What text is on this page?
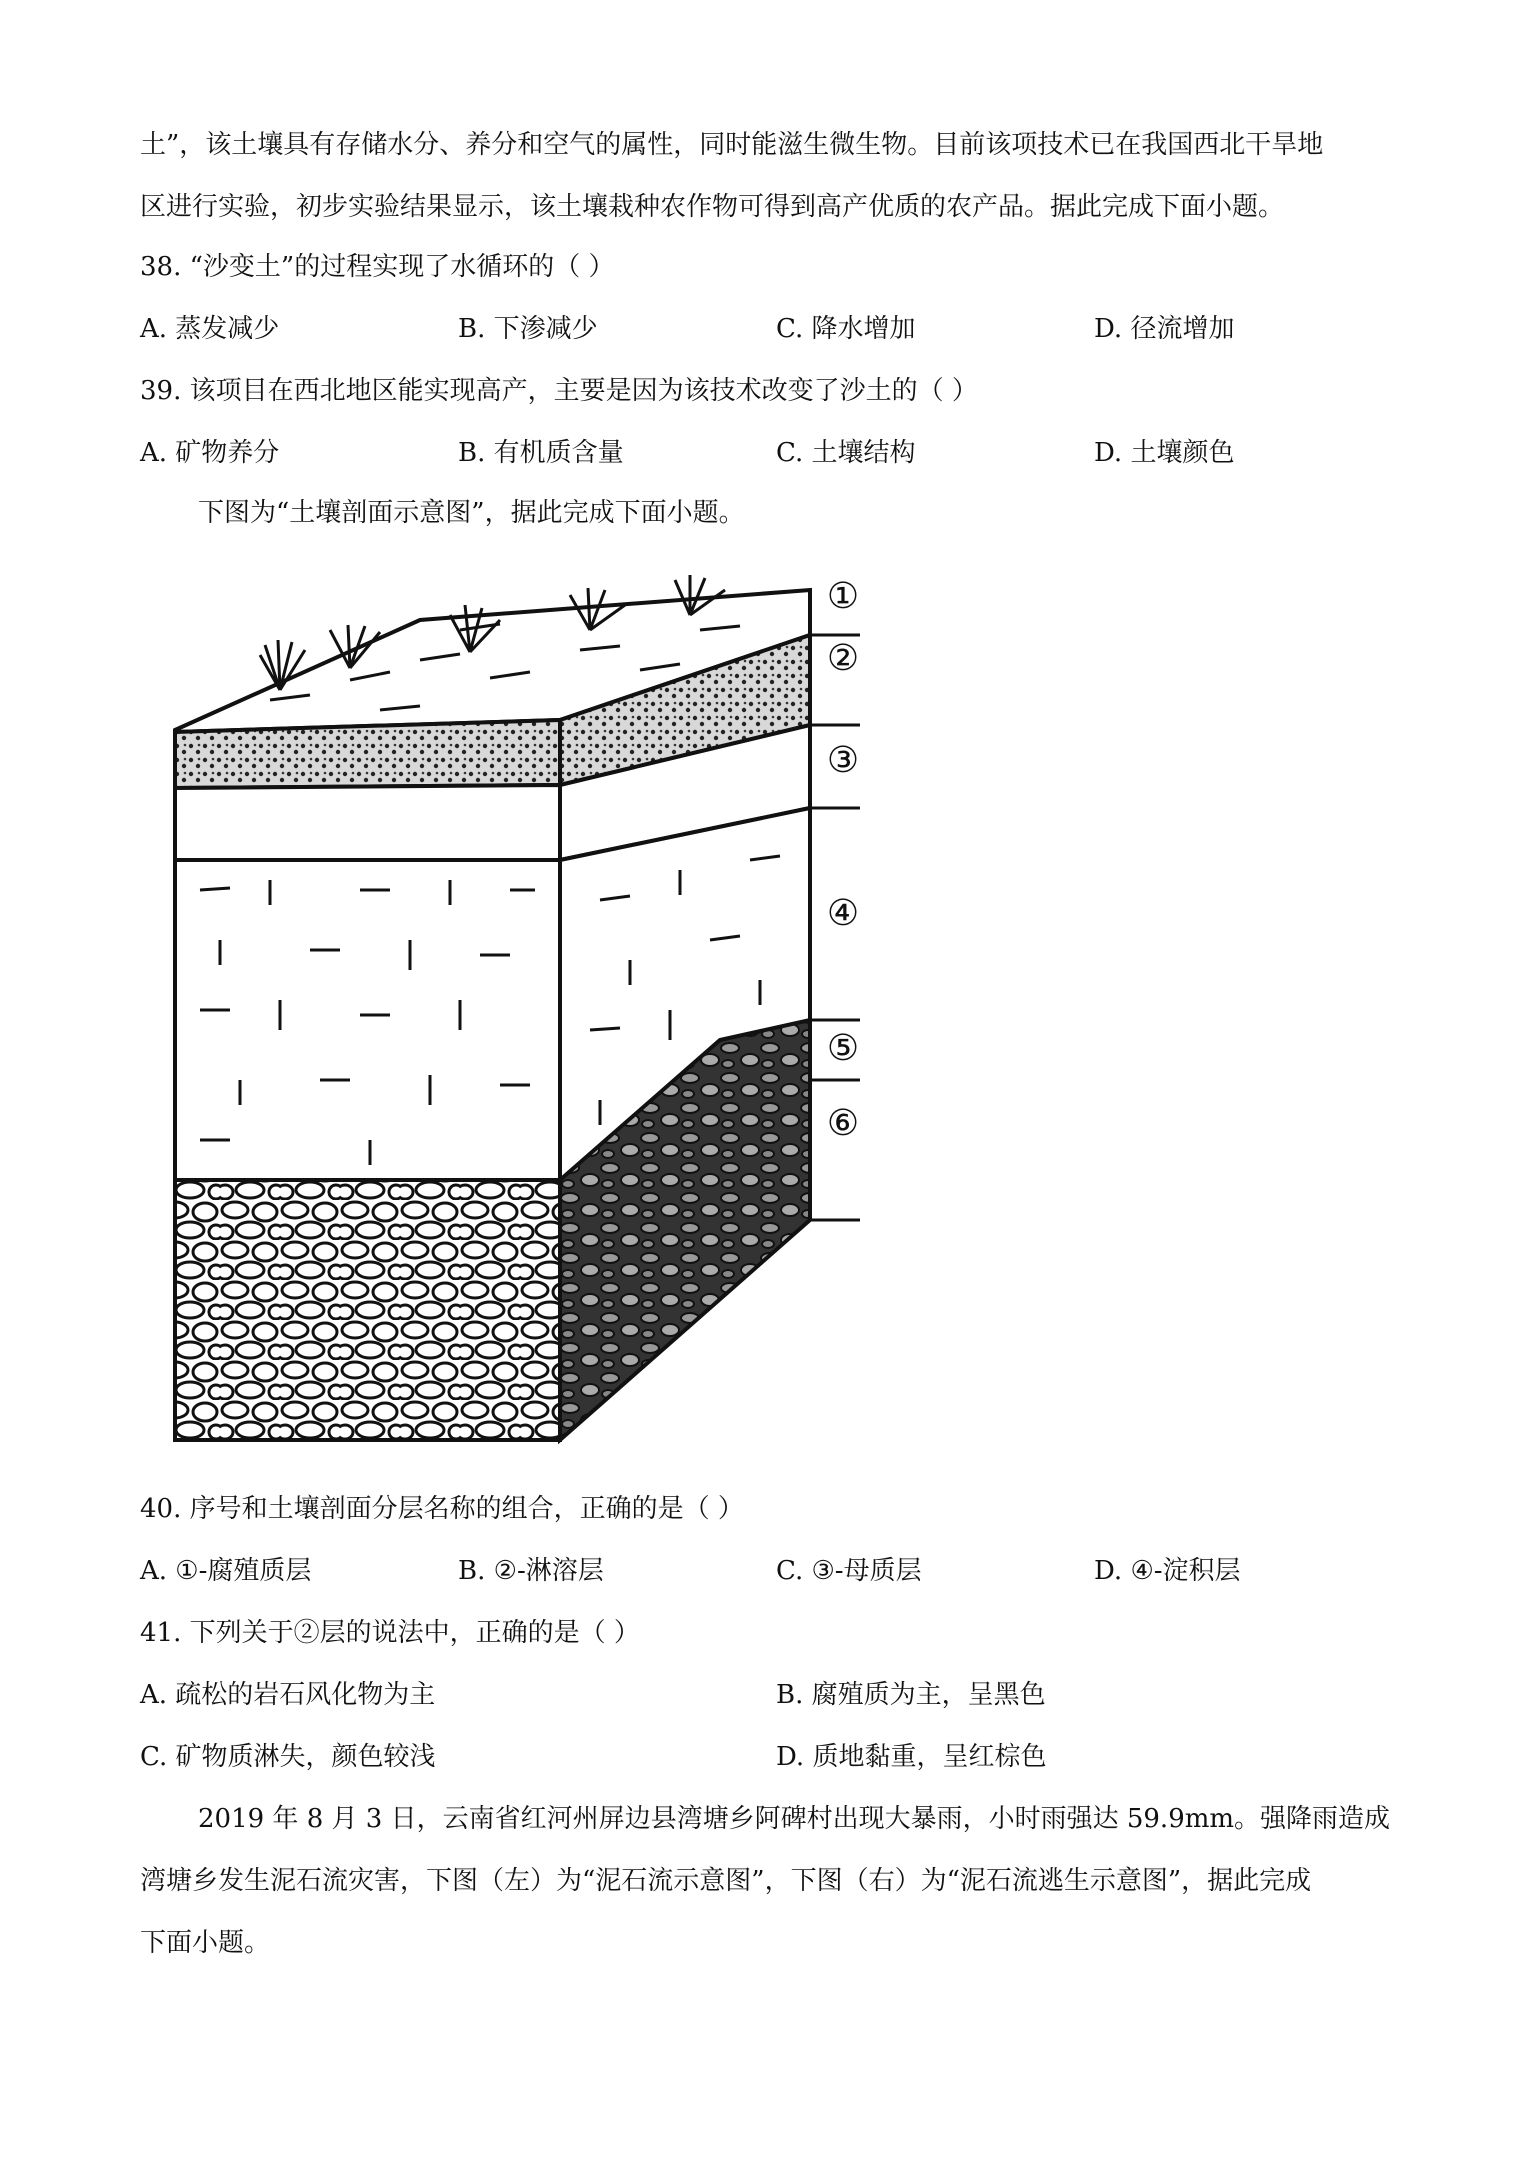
土”，该土壤具有存储水分、养分和空气的属性，同时能滋生微生物。目前该项技术已在我国西北干旱地
区进行实验，初步实验结果显示，该土壤栽种农作物可得到高产优质的农产品。据此完成下面小题。
38. “沙变土”的过程实现了水循环的（ ）
A. 蒸发减少	B. 下渗减少	C. 降水增加	D. 径流增加
39. 该项目在西北地区能实现高产，主要是因为该技术改变了沙土的（ ）
A. 矿物养分	B. 有机质含量	C. 土壤结构	D. 土壤颜色
下图为“土壤剖面示意图”，据此完成下面小题。
①
②
③
④
⑤
⑥
40. 序号和土壤剖面分层名称的组合，正确的是（ ）
A. ①-腐殖质层	B. ②-淋溶层	C. ③-母质层	D. ④-淀积层
41. 下列关于②层的说法中，正确的是（ ）
A. 疏松的岩石风化物为主	B. 腐殖质为主，呈黑色
C. 矿物质淋失，颜色较浅	D. 质地黏重，呈红棕色
2019 年 8 月 3 日，云南省红河州屏边县湾塘乡阿碑村出现大暴雨，小时雨强达 59.9mm。强降雨造成
湾塘乡发生泥石流灾害，下图（左）为“泥石流示意图”，下图（右）为“泥石流逃生示意图”，据此完成
下面小题。
